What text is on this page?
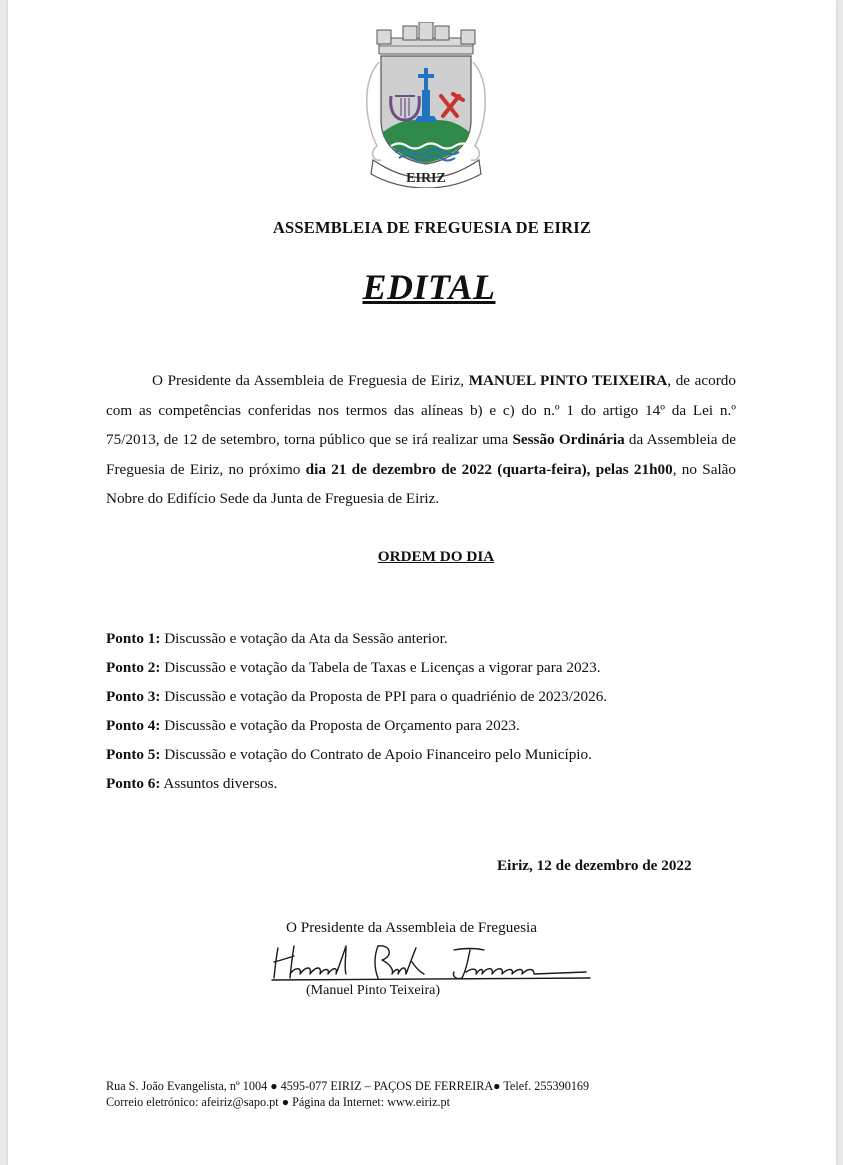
EIRIZ
ASSEMBLEIA DE FREGUESIA DE EIRIZ
EDITAL

O Presidente da Assembleia de Freguesia de Eiriz, MANUEL PINTO TEIXEIRA, de acordo com as competências conferidas nos termos das alíneas b) e c) do n.º 1 do artigo 14º da Lei n.º 75/2013, de 12 de setembro, torna público que se irá realizar uma Sessão Ordinária da Assembleia de Freguesia de Eiriz, no próximo dia 21 de dezembro de 2022 (quarta-feira), pelas 21h00, no Salão Nobre do Edifício Sede da Junta de Freguesia de Eiriz.

ORDEM DO DIA
Ponto 1: Discussão e votação da Ata da Sessão anterior.
Ponto 2: Discussão e votação da Tabela de Taxas e Licenças a vigorar para 2023.
Ponto 3: Discussão e votação da Proposta de PPI para o quadriénio de 2023/2026.
Ponto 4: Discussão e votação da Proposta de Orçamento para 2023.
Ponto 5: Discussão e votação do Contrato de Apoio Financeiro pelo Município.
Ponto 6: Assuntos diversos.
Eiriz, 12 de dezembro de 2022
O Presidente da Assembleia de Freguesia
(Manuel Pinto Teixeira)
Rua S. João Evangelista, nº 1004 ● 4595-077 EIRIZ – PAÇOS DE FERREIRA● Telef. 255390169
Correio eletrónico: afeiriz@sapo.pt ● Página da Internet: www.eiriz.pt
